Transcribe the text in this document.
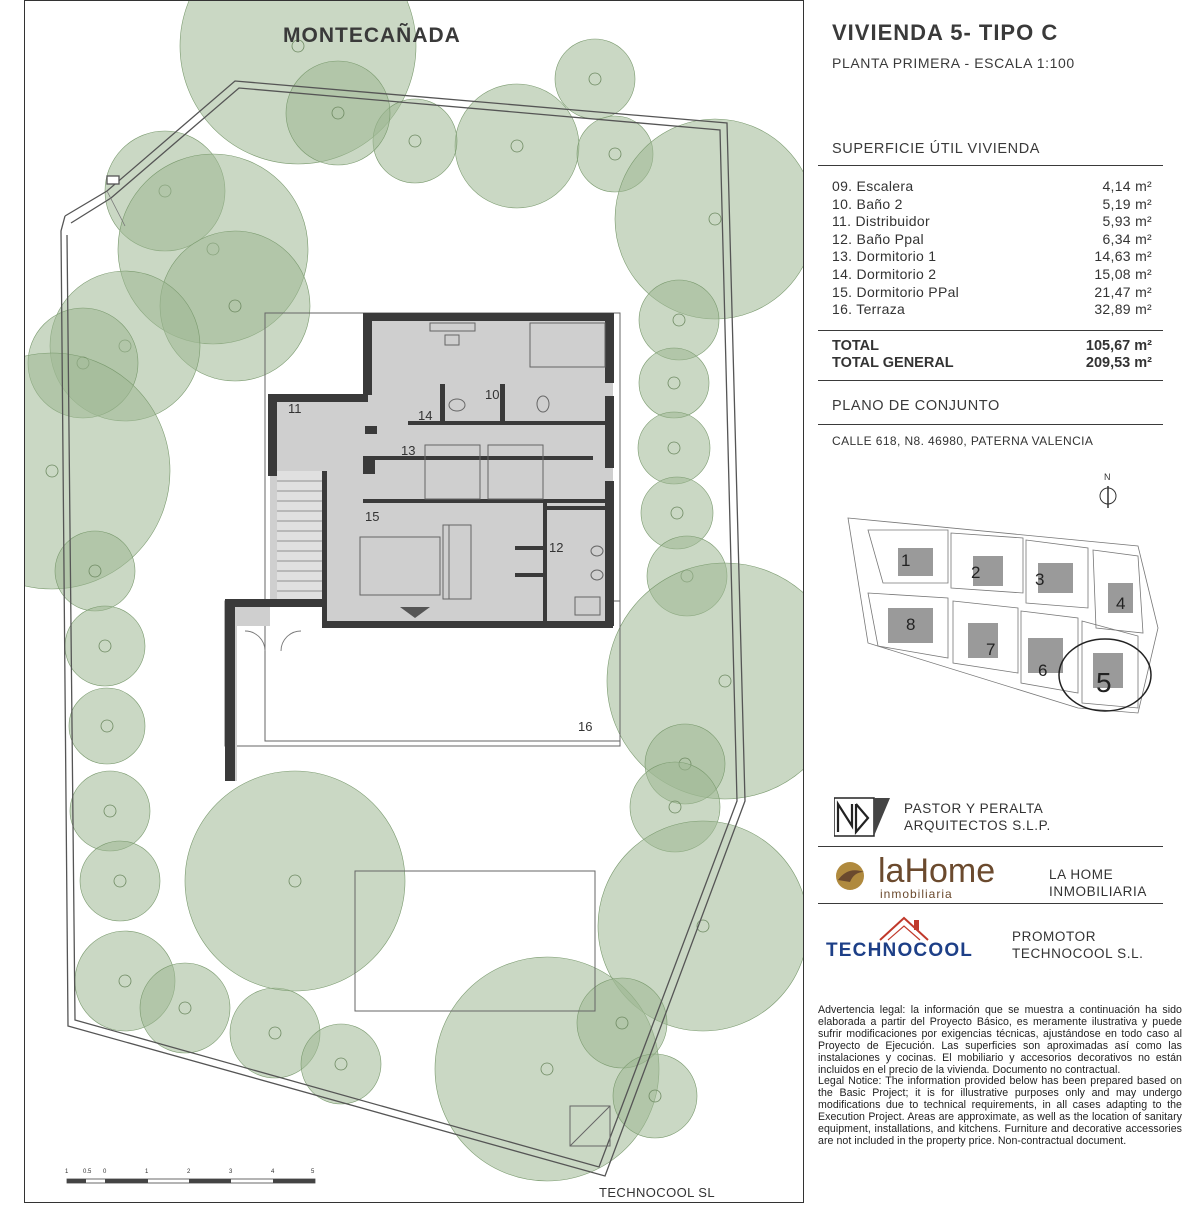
11	14
10
13
15
12
16
MONTECAÑADA
1 0.5 0	1	2	3	4	5
TECHNOCOOL SL
VIVIENDA 5- TIPO C
PLANTA PRIMERA - ESCALA 1:100
SUPERFICIE ÚTIL VIVIENDA
09. Escalera	4,14 m²
10. Baño 2	5,19 m²
11. Distribuidor	5,93 m²
12. Baño Ppal	6,34 m²
13. Dormitorio 1	14,63 m²
14. Dormitorio 2	15,08 m²
15. Dormitorio PPal	21,47 m²
16. Terraza	32,89 m²
TOTAL	105,67 m²
TOTAL GENERAL	209,53 m²
PLANO DE CONJUNTO
CALLE 618, N8. 46980, PATERNA VALENCIA
N
1
2	3
4
8
7
6 5
PASTOR Y PERALTA
ARQUITECTOS S.L.P.
laHome
inmobiliaria
LA HOME
INMOBILIARIA
TECHNOCOOL
PROMOTOR
TECHNOCOOL S.L.

Advertencia legal: la información que se muestra a continuación ha sido elaborada a partir del Proyecto Básico, es meramente ilustrativa y puede sufrir modificaciones por exigencias técnicas, ajustándose en todo caso al Proyecto de Ejecución. Las superficies son aproximadas así como las instalaciones y cocinas. El mobiliario y accesorios decorativos no están incluidos en el precio de la vivienda. Documento no contractual.

Legal Notice: The information provided below has been prepared based on the Basic Project; it is for illustrative purposes only and may undergo modifications due to technical requirements, in all cases adapting to the Execution Project. Areas are approximate, as well as the location of sanitary equipment, installations, and kitchens. Furniture and decorative accessories are not included in the property price. Non-contractual document.
